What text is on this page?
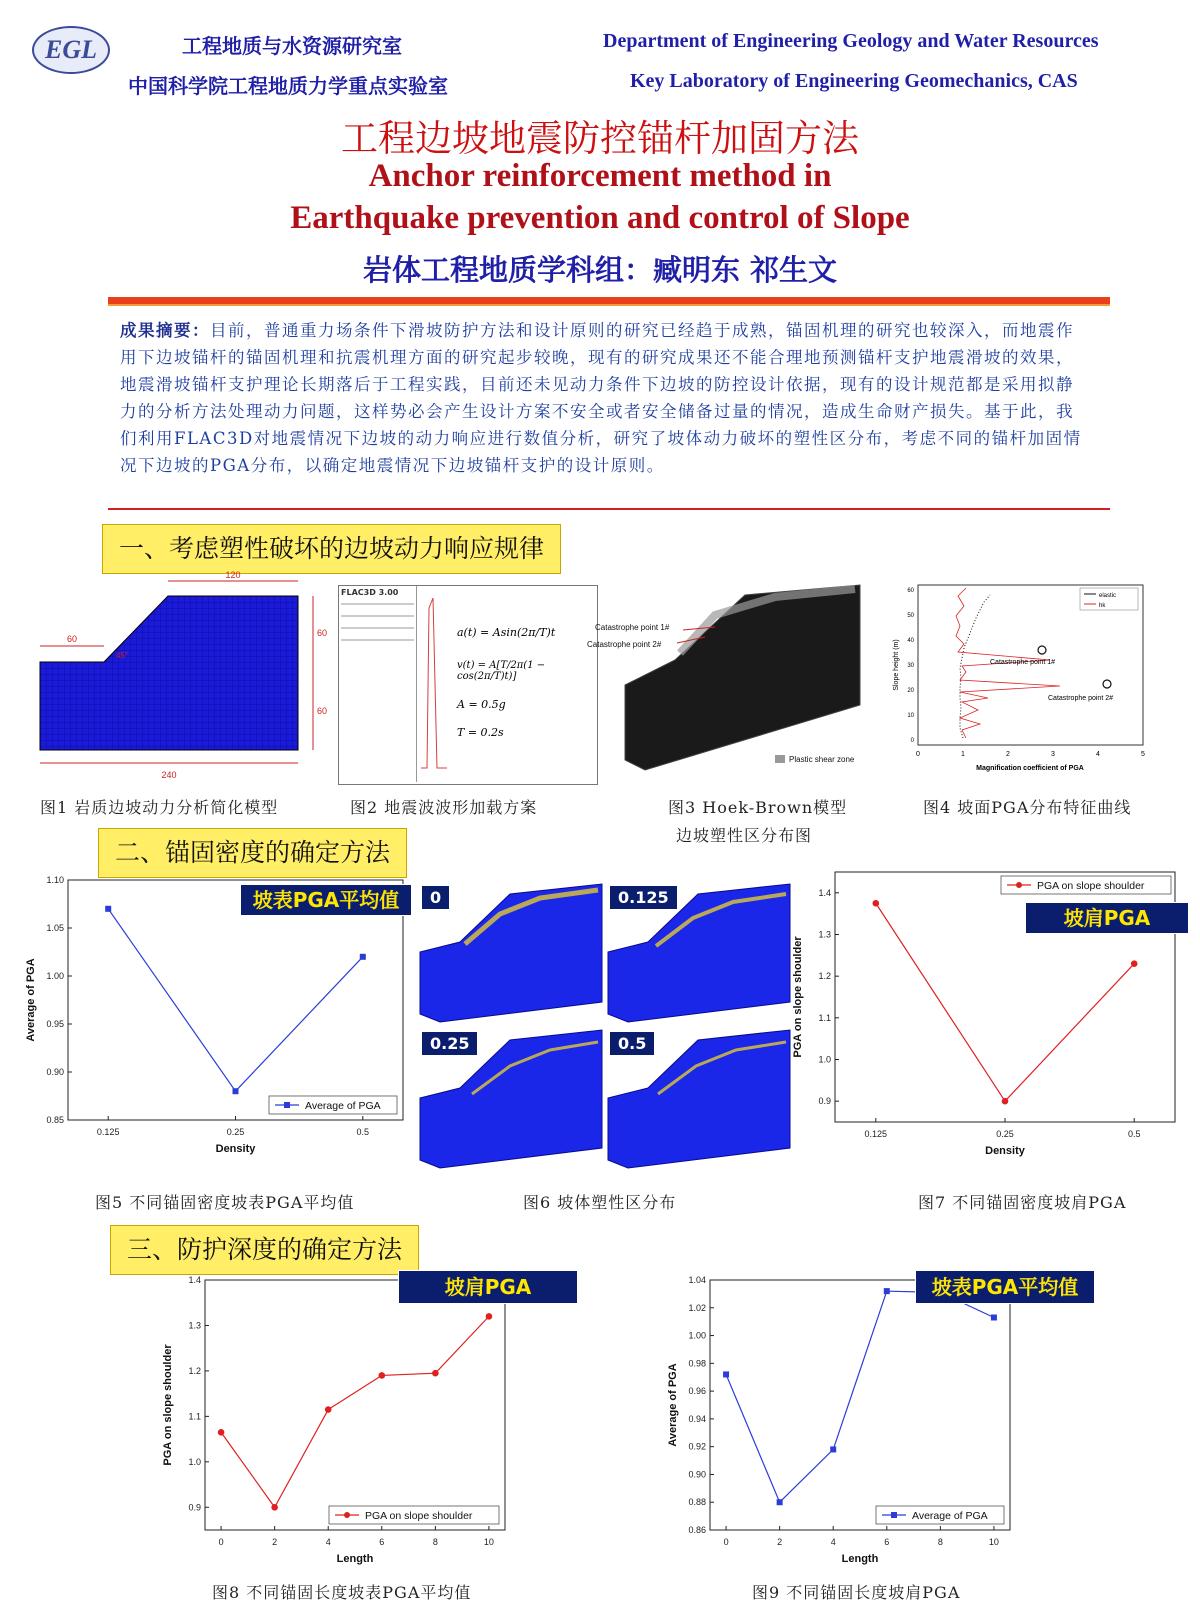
EGL	工程地质与水资源研究室
中国科学院工程地质力学重点实验室
Department of Engineering Geology and Water Resources
Key Laboratory of Engineering Geomechanics, CAS
工程边坡地震防控锚杆加固方法
Anchor reinforcement method in
Earthquake prevention and control of Slope
岩体工程地质学科组：臧明东 祁生文
成果摘要：目前，普通重力场条件下滑坡防护方法和设计原则的研究已经趋于成熟，锚固机理的研究也较深入，而地震作用下边坡锚杆的锚固机理和抗震机理方面的研究起步较晚，现有的研究成果还不能合理地预测锚杆支护地震滑坡的效果，地震滑坡锚杆支护理论长期落后于工程实践，目前还未见动力条件下边坡的防控设计依据，现有的设计规范都是采用拟静力的分析方法处理动力问题，这样势必会产生设计方案不安全或者安全储备过量的情况，造成生命财产损失。基于此，我们利用FLAC3D对地震情况下边坡的动力响应进行数值分析，研究了坡体动力破坏的塑性区分布，考虑不同的锚杆加固情况下边坡的PGA分布，以确定地震情况下边坡锚杆支护的设计原则。
一、考虑塑性破坏的边坡动力响应规律
120
60
60
60
240
45°
图1 岩质边坡动力分析简化模型
FLAC3D 3.00
a(t) = Asin(2π/T)t
v(t) = A[T/2π(1 − cos(2π/T)t)]
A = 0.5g
T = 0.2s
图2 地震波波形加载方案
Catastrophe point 1#
Catastrophe point 2#
Plastic shear zone
图3 Hoek-Brown模型
边坡塑性区分布图
0	1	2	3	4	5
0
10
20
30
40
50
60
Magnification coefficient of PGA
Slope height (m)	Catastrophe point 1#
Catastrophe point 2#
elastic
hk
图4 坡面PGA分布特征曲线
二、锚固密度的确定方法
0.85
0.90
0.95
1.00
1.05
1.10
0.125	0.25	0.5
Density
Average of PGA
Average of PGA
坡表PGA平均值
图5 不同锚固密度坡表PGA平均值
0	0.125
0.25	0.5
图6 坡体塑性区分布
0.9
1.0
1.1
1.2
1.3
1.4
0.125	0.25	0.5
Density
PGA on slope shoulder
PGA on slope shoulder
坡肩PGA
图7 不同锚固密度坡肩PGA
三、防护深度的确定方法
0.9
1.0
1.1
1.2
1.3
1.4
0	2	4	6	8	10
Length
PGA on slope shoulder
PGA on slope shoulder
坡肩PGA
图8 不同锚固长度坡表PGA平均值
0.86
0.88
0.90
0.92
0.94
0.96
0.98
1.00
1.02
1.04
0	2	4	6	8	10
Length
Average of PGA
Average of PGA
坡表PGA平均值
图9 不同锚固长度坡肩PGA
